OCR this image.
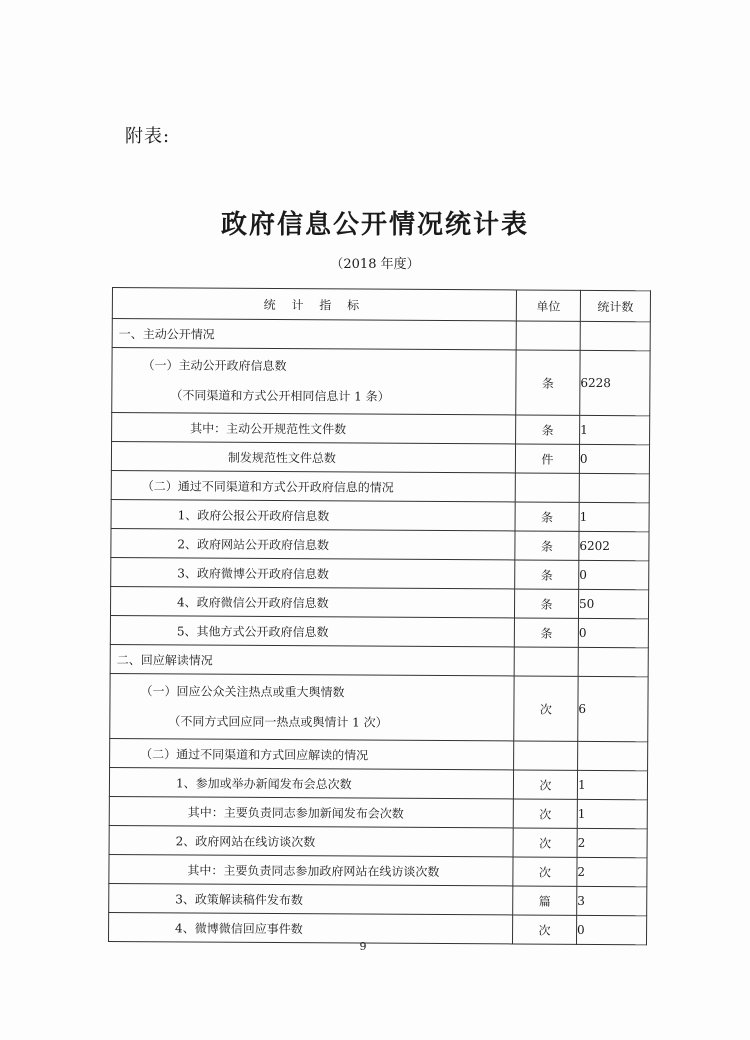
附表:
政府信息公开情况统计表
（2018 年度）
统 计 指 标	单位	统计数
一、主动公开情况		

（一）主动公开政府信息数
（不同渠道和方式公开相同信息计 1 条）	条	6228
其中：主动公开规范性文件数	条	1
制发规范性文件总数	件	0
（二）通过不同渠道和方式公开政府信息的情况		
1、政府公报公开政府信息数	条	1
2、政府网站公开政府信息数	条	6202
3、政府微博公开政府信息数	条	0
4、政府微信公开政府信息数	条	50
5、其他方式公开政府信息数	条	0
二、回应解读情况		

（一）回应公众关注热点或重大舆情数
（不同方式回应同一热点或舆情计 1 次）	次	6
（二）通过不同渠道和方式回应解读的情况		
1、参加或举办新闻发布会总次数	次	1
其中：主要负责同志参加新闻发布会次数	次	1
2、政府网站在线访谈次数	次	2
其中：主要负责同志参加政府网站在线访谈次数	次	2
3、政策解读稿件发布数	篇	3
4、微博微信回应事件数	次	0
9
